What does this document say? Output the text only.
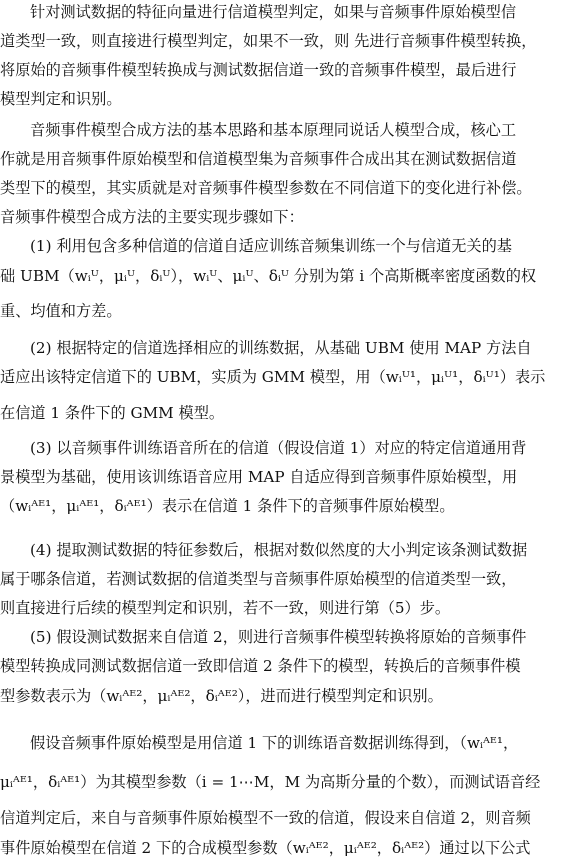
针对测试数据的特征向量进行信道模型判定，如果与音频事件原始模型信
道类型一致，则直接进行模型判定，如果不一致，则 先进行音频事件模型转换，
将原始的音频事件模型转换成与测试数据信道一致的音频事件模型，最后进行
模型判定和识别。
音频事件模型合成方法的基本思路和基本原理同说话人模型合成，核心工
作就是用音频事件原始模型和信道模型集为音频事件合成出其在测试数据信道
类型下的模型，其实质就是对音频事件模型参数在不同信道下的变化进行补偿。
音频事件模型合成方法的主要实现步骤如下：
(1) 利用包含多种信道的信道自适应训练音频集训练一个与信道无关的基
础 UBM（wᵢᵁ，μᵢᵁ，δᵢᵁ），wᵢᵁ、μᵢᵁ、δᵢᵁ 分别为第 i 个高斯概率密度函数的权
重、均值和方差。
(2) 根据特定的信道选择相应的训练数据，从基础 UBM 使用 MAP 方法自
适应出该特定信道下的 UBM，实质为 GMM 模型，用（wᵢᵁ¹，μᵢᵁ¹，δᵢᵁ¹）表示
在信道 1 条件下的 GMM 模型。
(3) 以音频事件训练语音所在的信道（假设信道 1）对应的特定信道通用背
景模型为基础，使用该训练语音应用 MAP 自适应得到音频事件原始模型，用
（wᵢᴬᴱ¹，μᵢᴬᴱ¹，δᵢᴬᴱ¹）表示在信道 1 条件下的音频事件原始模型。
(4) 提取测试数据的特征参数后，根据对数似然度的大小判定该条测试数据
属于哪条信道，若测试数据的信道类型与音频事件原始模型的信道类型一致，
则直接进行后续的模型判定和识别，若不一致，则进行第（5）步。
(5) 假设测试数据来自信道 2，则进行音频事件模型转换将原始的音频事件
模型转换成同测试数据信道一致即信道 2 条件下的模型，转换后的音频事件模
型参数表示为（wᵢᴬᴱ²，μᵢᴬᴱ²，δᵢᴬᴱ²），进而进行模型判定和识别。
假设音频事件原始模型是用信道 1 下的训练语音数据训练得到，（wᵢᴬᴱ¹，
μᵢᴬᴱ¹，δᵢᴬᴱ¹）为其模型参数（i = 1⋯M，M 为高斯分量的个数），而测试语音经
信道判定后，来自与音频事件原始模型不一致的信道，假设来自信道 2，则音频
事件原始模型在信道 2 下的合成模型参数（wᵢᴬᴱ²，μᵢᴬᴱ²，δᵢᴬᴱ²）通过以下公式
